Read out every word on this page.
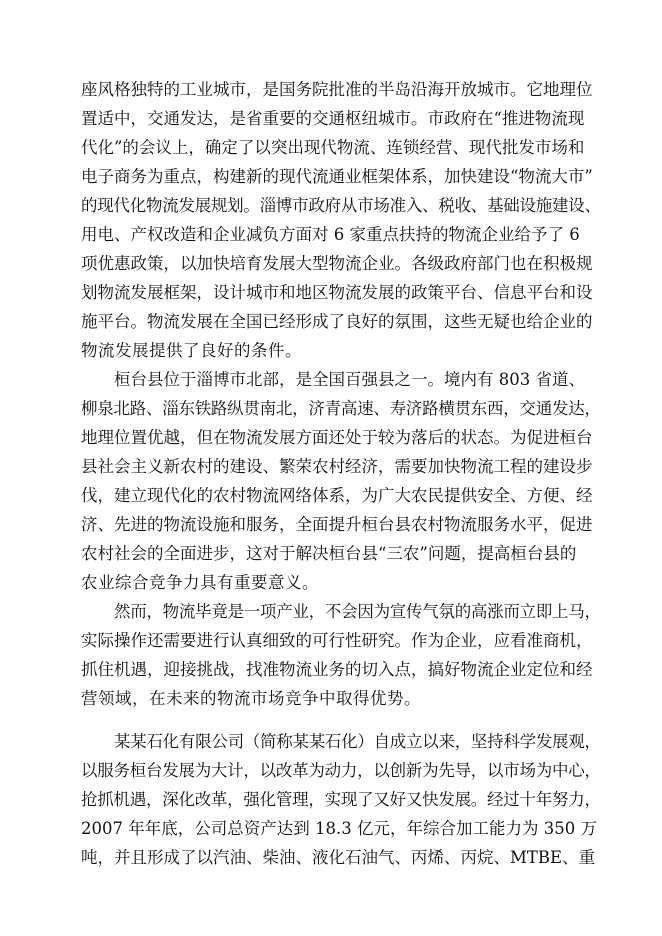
座风格独特的工业城市，是国务院批准的半岛沿海开放城市。它地理位
置适中，交通发达，是省重要的交通枢纽城市。市政府在“推进物流现
代化”的会议上，确定了以突出现代物流、连锁经营、现代批发市场和
电子商务为重点，构建新的现代流通业框架体系，加快建设“物流大市”
的现代化物流发展规划。淄博市政府从市场准入、税收、基础设施建设、
用电、产权改造和企业减负方面对 6 家重点扶持的物流企业给予了 6
项优惠政策，以加快培育发展大型物流企业。各级政府部门也在积极规
划物流发展框架，设计城市和地区物流发展的政策平台、信息平台和设
施平台。物流发展在全国已经形成了良好的氛围，这些无疑也给企业的
物流发展提供了良好的条件。
桓台县位于淄博市北部，是全国百强县之一。境内有 803 省道、
柳泉北路、淄东铁路纵贯南北，济青高速、寿济路横贯东西，交通发达，
地理位置优越，但在物流发展方面还处于较为落后的状态。为促进桓台
县社会主义新农村的建设、繁荣农村经济，需要加快物流工程的建设步
伐，建立现代化的农村物流网络体系，为广大农民提供安全、方便、经
济、先进的物流设施和服务，全面提升桓台县农村物流服务水平，促进
农村社会的全面进步，这对于解决桓台县“三农”问题，提高桓台县的
农业综合竞争力具有重要意义。
然而，物流毕竟是一项产业，不会因为宣传气氛的高涨而立即上马，
实际操作还需要进行认真细致的可行性研究。作为企业，应看准商机，
抓住机遇，迎接挑战，找准物流业务的切入点，搞好物流企业定位和经
营领域，在未来的物流市场竞争中取得优势。
某某石化有限公司（简称某某石化）自成立以来，坚持科学发展观，
以服务桓台发展为大计，以改革为动力，以创新为先导，以市场为中心，
抢抓机遇，深化改革，强化管理，实现了又好又快发展。经过十年努力，
2007 年年底，公司总资产达到 18.3 亿元，年综合加工能力为 350 万
吨，并且形成了以汽油、柴油、液化石油气、丙烯、丙烷、MTBE、重
